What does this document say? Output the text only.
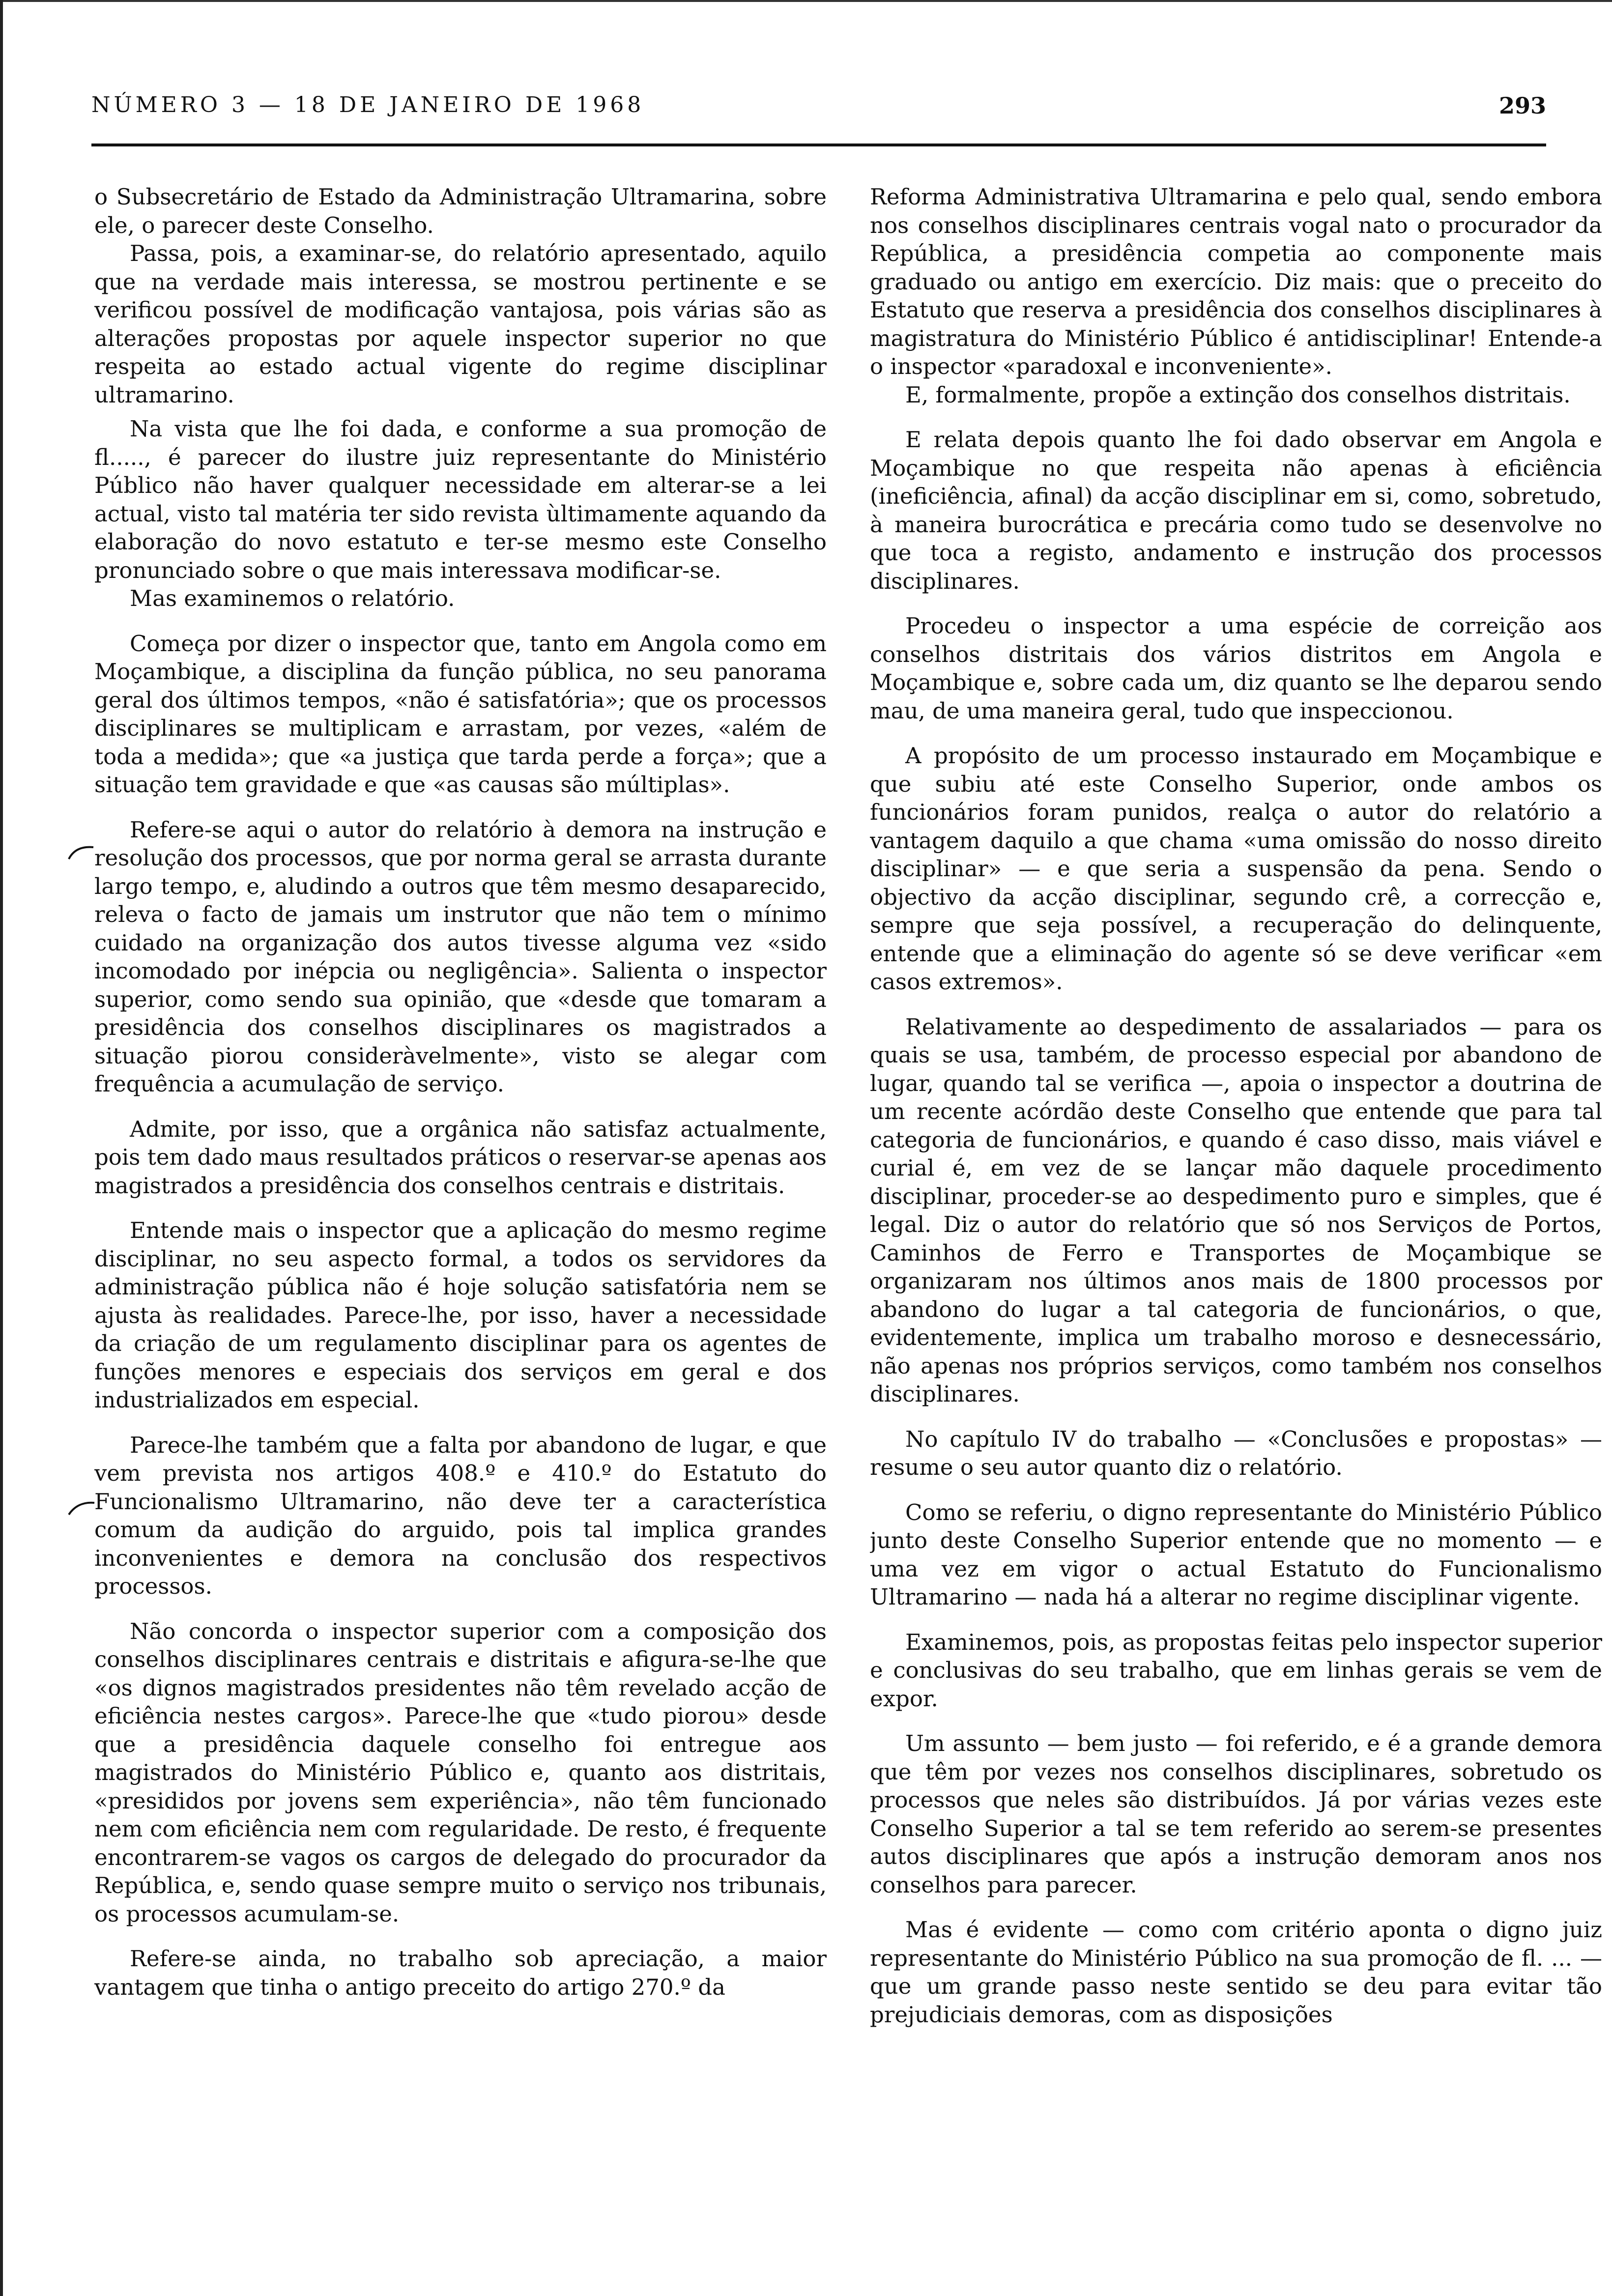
NÚMERO 3 — 18 DE JANEIRO DE 1968	293

o Subsecretário de Estado da Administração Ultramarina, sobre ele, o parecer deste Conselho.

Passa, pois, a examinar-se, do relatório apresentado, aquilo que na verdade mais interessa, se mostrou pertinente e se verificou possível de modificação vantajosa, pois várias são as alterações propostas por aquele inspector superior no que respeita ao estado actual vigente do regime disciplinar ultramarino.

Na vista que lhe foi dada, e conforme a sua promoção de fl....., é parecer do ilustre juiz representante do Ministério Público não haver qualquer necessidade em alterar-se a lei actual, visto tal matéria ter sido revista ùltimamente aquando da elaboração do novo estatuto e ter-se mesmo este Conselho pronunciado sobre o que mais interessava modificar-se.

Mas examinemos o relatório.

Começa por dizer o inspector que, tanto em Angola como em Moçambique, a disciplina da função pública, no seu panorama geral dos últimos tempos, «não é satisfatória»; que os processos disciplinares se multiplicam e arrastam, por vezes, «além de toda a medida»; que «a justiça que tarda perde a força»; que a situação tem gravidade e que «as causas são múltiplas».

Refere-se aqui o autor do relatório à demora na instrução e resolução dos processos, que por norma geral se arrasta durante largo tempo, e, aludindo a outros que têm mesmo desaparecido, releva o facto de jamais um instrutor que não tem o mínimo cuidado na organização dos autos tivesse alguma vez «sido incomodado por inépcia ou negligência». Salienta o inspector superior, como sendo sua opinião, que «desde que tomaram a presidência dos conselhos disciplinares os magistrados a situação piorou consideràvelmente», visto se alegar com frequência a acumulação de serviço.

Admite, por isso, que a orgânica não satisfaz actualmente, pois tem dado maus resultados práticos o reservar-se apenas aos magistrados a presidência dos conselhos centrais e distritais.

Entende mais o inspector que a aplicação do mesmo regime disciplinar, no seu aspecto formal, a todos os servidores da administração pública não é hoje solução satisfatória nem se ajusta às realidades. Parece-lhe, por isso, haver a necessidade da criação de um regulamento disciplinar para os agentes de funções menores e especiais dos serviços em geral e dos industrializados em especial.

Parece-lhe também que a falta por abandono de lugar, e que vem prevista nos artigos 408.º e 410.º do Estatuto do Funcionalismo Ultramarino, não deve ter a característica comum da audição do arguido, pois tal implica grandes inconvenientes e demora na conclusão dos respectivos processos.

Não concorda o inspector superior com a composição dos conselhos disciplinares centrais e distritais e afigura-se-lhe que «os dignos magistrados presidentes não têm revelado acção de eficiência nestes cargos». Parece-lhe que «tudo piorou» desde que a presidência daquele conselho foi entregue aos magistrados do Ministério Público e, quanto aos distritais, «presididos por jovens sem experiência», não têm funcionado nem com eficiência nem com regularidade. De resto, é frequente encontrarem-se vagos os cargos de delegado do procurador da República, e, sendo quase sempre muito o serviço nos tribunais, os processos acumulam-se.

Refere-se ainda, no trabalho sob apreciação, a maior vantagem que tinha o antigo preceito do artigo 270.º da

Reforma Administrativa Ultramarina e pelo qual, sendo embora nos conselhos disciplinares centrais vogal nato o procurador da República, a presidência competia ao componente mais graduado ou antigo em exercício. Diz mais: que o preceito do Estatuto que reserva a presidência dos conselhos disciplinares à magistratura do Ministério Público é antidisciplinar! Entende-a o inspector «paradoxal e inconveniente».

E, formalmente, propõe a extinção dos conselhos distritais.

E relata depois quanto lhe foi dado observar em Angola e Moçambique no que respeita não apenas à eficiência (ineficiência, afinal) da acção disciplinar em si, como, sobretudo, à maneira burocrática e precária como tudo se desenvolve no que toca a registo, andamento e instrução dos processos disciplinares.

Procedeu o inspector a uma espécie de correição aos conselhos distritais dos vários distritos em Angola e Moçambique e, sobre cada um, diz quanto se lhe deparou sendo mau, de uma maneira geral, tudo que inspeccionou.

A propósito de um processo instaurado em Moçambique e que subiu até este Conselho Superior, onde ambos os funcionários foram punidos, realça o autor do relatório a vantagem daquilo a que chama «uma omissão do nosso direito disciplinar» — e que seria a suspensão da pena. Sendo o objectivo da acção disciplinar, segundo crê, a correcção e, sempre que seja possível, a recuperação do delinquente, entende que a eliminação do agente só se deve verificar «em casos extremos».

Relativamente ao despedimento de assalariados — para os quais se usa, também, de processo especial por abandono de lugar, quando tal se verifica —, apoia o inspector a doutrina de um recente acórdão deste Conselho que entende que para tal categoria de funcionários, e quando é caso disso, mais viável e curial é, em vez de se lançar mão daquele procedimento disciplinar, proceder-se ao despedimento puro e simples, que é legal. Diz o autor do relatório que só nos Serviços de Portos, Caminhos de Ferro e Transportes de Moçambique se organizaram nos últimos anos mais de 1800 processos por abandono do lugar a tal categoria de funcionários, o que, evidentemente, implica um trabalho moroso e desnecessário, não apenas nos próprios serviços, como também nos conselhos disciplinares.

No capítulo IV do trabalho — «Conclusões e propostas» — resume o seu autor quanto diz o relatório.

Como se referiu, o digno representante do Ministério Público junto deste Conselho Superior entende que no momento — e uma vez em vigor o actual Estatuto do Funcionalismo Ultramarino — nada há a alterar no regime disciplinar vigente.

Examinemos, pois, as propostas feitas pelo inspector superior e conclusivas do seu trabalho, que em linhas gerais se vem de expor.

Um assunto — bem justo — foi referido, e é a grande demora que têm por vezes nos conselhos disciplinares, sobretudo os processos que neles são distribuídos. Já por várias vezes este Conselho Superior a tal se tem referido ao serem-se presentes autos disciplinares que após a instrução demoram anos nos conselhos para parecer.

Mas é evidente — como com critério aponta o digno juiz representante do Ministério Público na sua promoção de fl. ... — que um grande passo neste sentido se deu para evitar tão prejudiciais demoras, com as disposições
